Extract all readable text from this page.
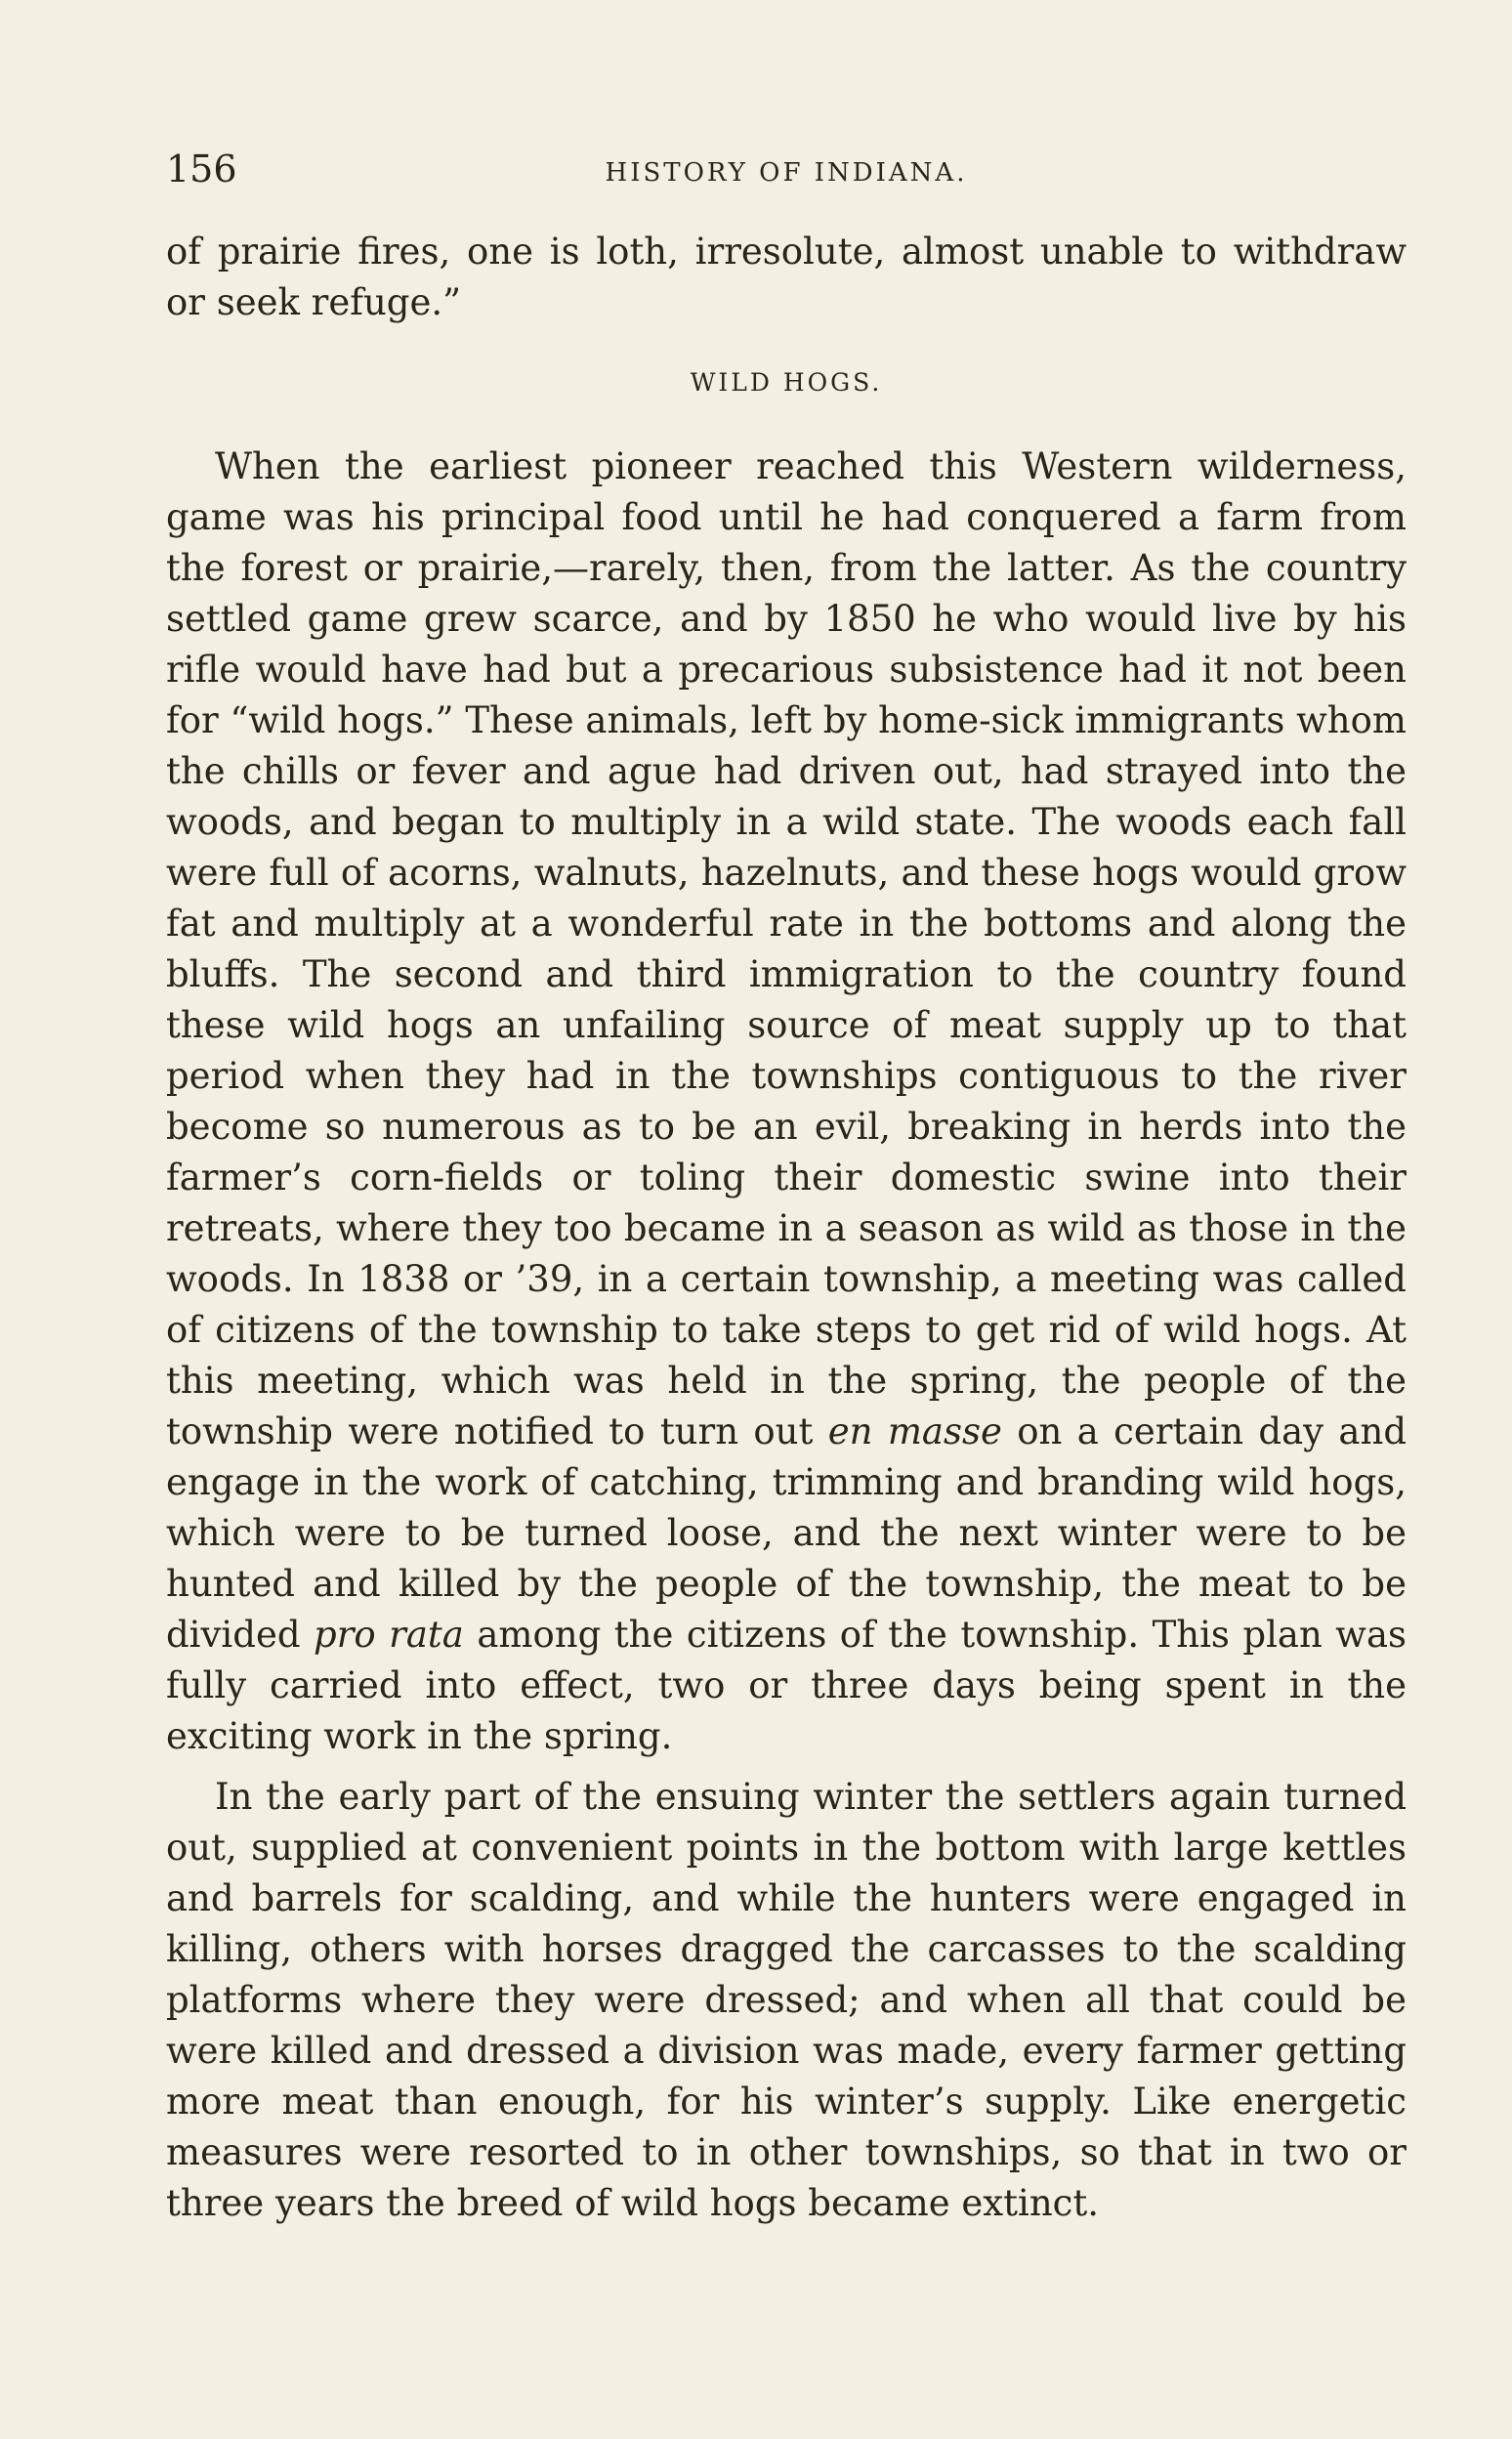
156	HISTORY OF INDIANA.

of prairie fires, one is loth, irresolute, almost unable to withdraw or seek refuge.”

WILD HOGS.

When the earliest pioneer reached this Western wilderness, game was his principal food until he had conquered a farm from the forest or prairie,—rarely, then, from the latter. As the country settled game grew scarce, and by 1850 he who would live by his rifle would have had but a precarious subsistence had it not been for “wild hogs.” These animals, left by home-sick immigrants whom the chills or fever and ague had driven out, had strayed into the woods, and began to multiply in a wild state. The woods each fall were full of acorns, walnuts, hazelnuts, and these hogs would grow fat and multiply at a wonderful rate in the bottoms and along the bluffs. The second and third immigration to the country found these wild hogs an unfailing source of meat supply up to that period when they had in the townships contiguous to the river become so numerous as to be an evil, breaking in herds into the farmer’s corn-fields or toling their domestic swine into their retreats, where they too became in a season as wild as those in the woods. In 1838 or ’39, in a certain township, a meeting was called of citizens of the township to take steps to get rid of wild hogs. At this meeting, which was held in the spring, the people of the township were notified to turn out en masse on a certain day and engage in the work of catching, trimming and branding wild hogs, which were to be turned loose, and the next winter were to be hunted and killed by the people of the township, the meat to be divided pro rata among the citizens of the township. This plan was fully carried into effect, two or three days being spent in the exciting work in the spring.

In the early part of the ensuing winter the settlers again turned out, supplied at convenient points in the bottom with large kettles and barrels for scalding, and while the hunters were engaged in killing, others with horses dragged the carcasses to the scalding platforms where they were dressed; and when all that could be were killed and dressed a division was made, every farmer getting more meat than enough, for his winter’s supply. Like energetic measures were resorted to in other townships, so that in two or three years the breed of wild hogs became extinct.
